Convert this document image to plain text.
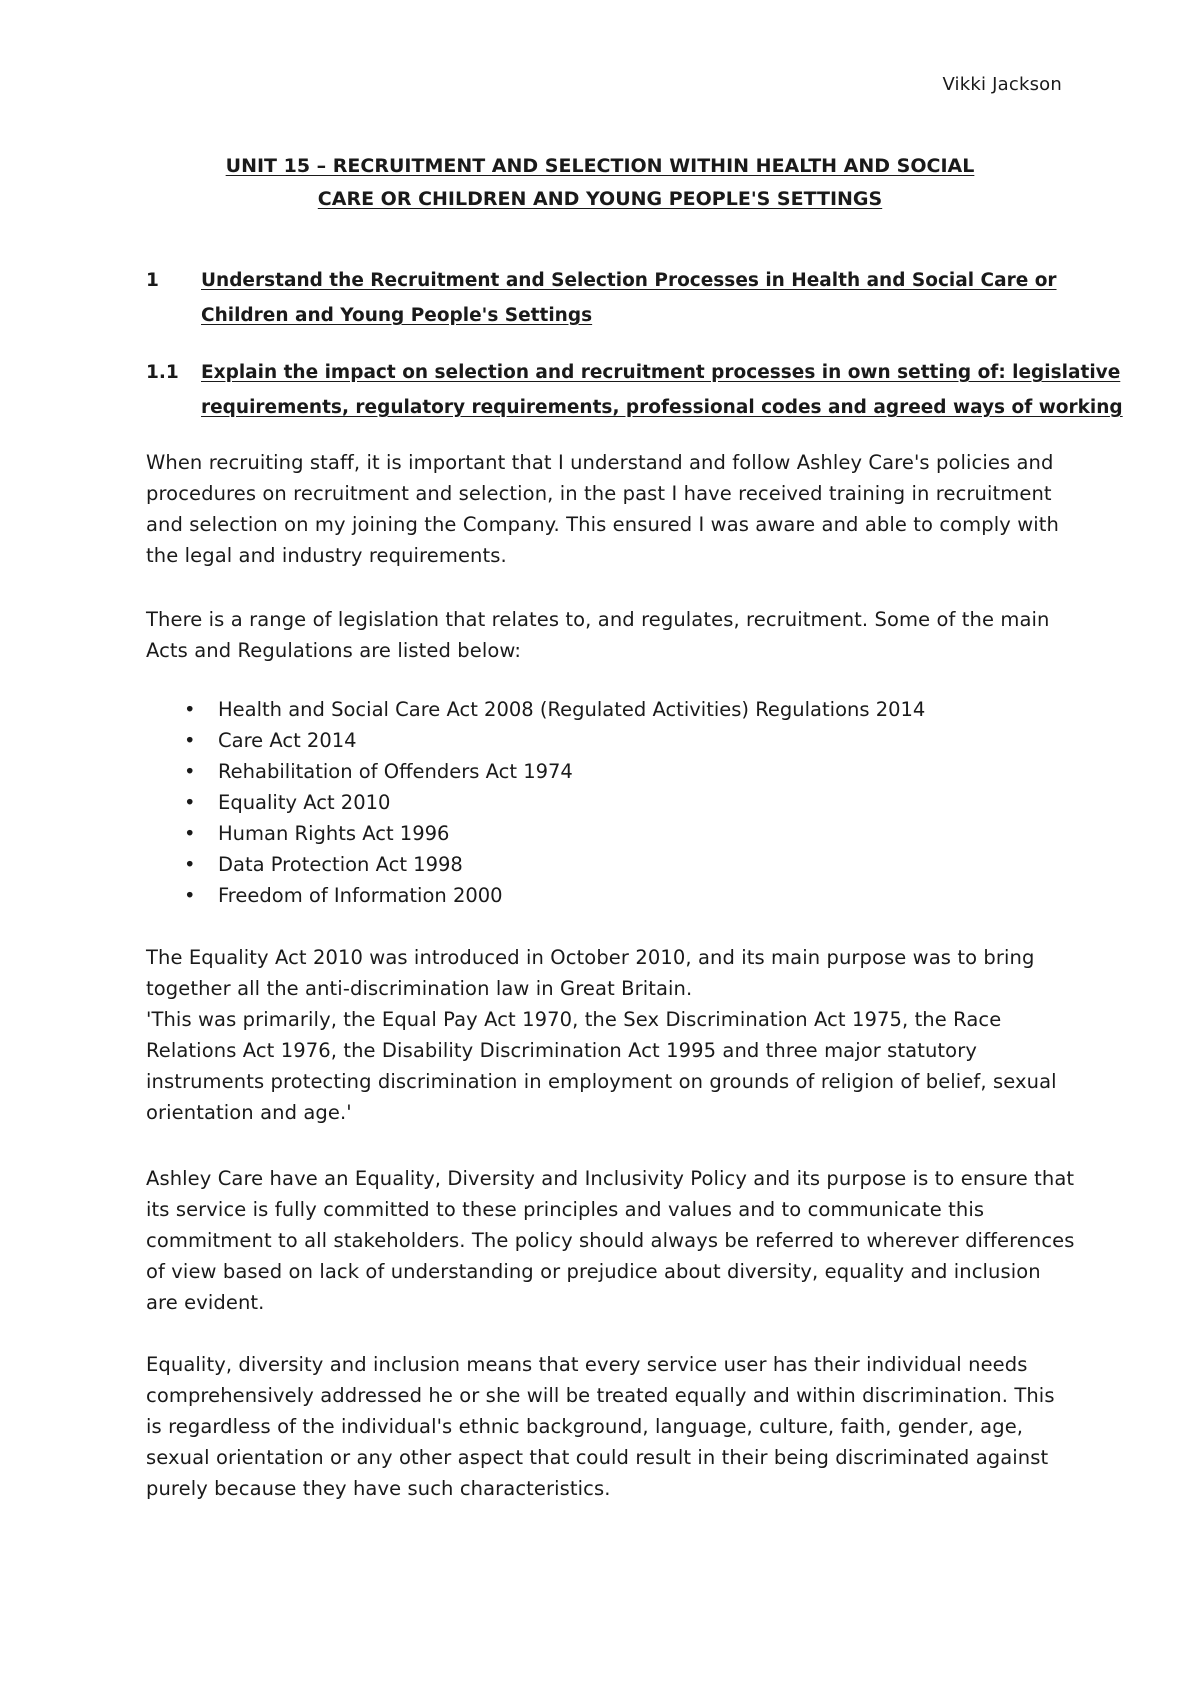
Vikki Jackson
UNIT 15 – RECRUITMENT AND SELECTION WITHIN HEALTH AND SOCIAL
CARE OR CHILDREN AND YOUNG PEOPLE'S SETTINGS
1 Understand the Recruitment and Selection Processes in Health and Social Care or Children and Young People's Settings
1.1 Explain the impact on selection and recruitment processes in own setting of: legislative requirements, regulatory requirements, professional codes and agreed ways of working
When recruiting staff, it is important that I understand and follow Ashley Care's policies and procedures on recruitment and selection, in the past I have received training in recruitment and selection on my joining the Company. This ensured I was aware and able to comply with the legal and industry requirements.
There is a range of legislation that relates to, and regulates, recruitment. Some of the main Acts and Regulations are listed below:
• Health and Social Care Act 2008 (Regulated Activities) Regulations 2014
• Care Act 2014
• Rehabilitation of Offenders Act 1974
• Equality Act 2010
• Human Rights Act 1996
• Data Protection Act 1998
• Freedom of Information 2000
The Equality Act 2010 was introduced in October 2010, and its main purpose was to bring together all the anti-discrimination law in Great Britain.
'This was primarily, the Equal Pay Act 1970, the Sex Discrimination Act 1975, the Race Relations Act 1976, the Disability Discrimination Act 1995 and three major statutory instruments protecting discrimination in employment on grounds of religion of belief, sexual orientation and age.'
Ashley Care have an Equality, Diversity and Inclusivity Policy and its purpose is to ensure that its service is fully committed to these principles and values and to communicate this commitment to all stakeholders. The policy should always be referred to wherever differences of view based on lack of understanding or prejudice about diversity, equality and inclusion are evident.
Equality, diversity and inclusion means that every service user has their individual needs comprehensively addressed he or she will be treated equally and within discrimination. This is regardless of the individual's ethnic background, language, culture, faith, gender, age, sexual orientation or any other aspect that could result in their being discriminated against purely because they have such characteristics.
